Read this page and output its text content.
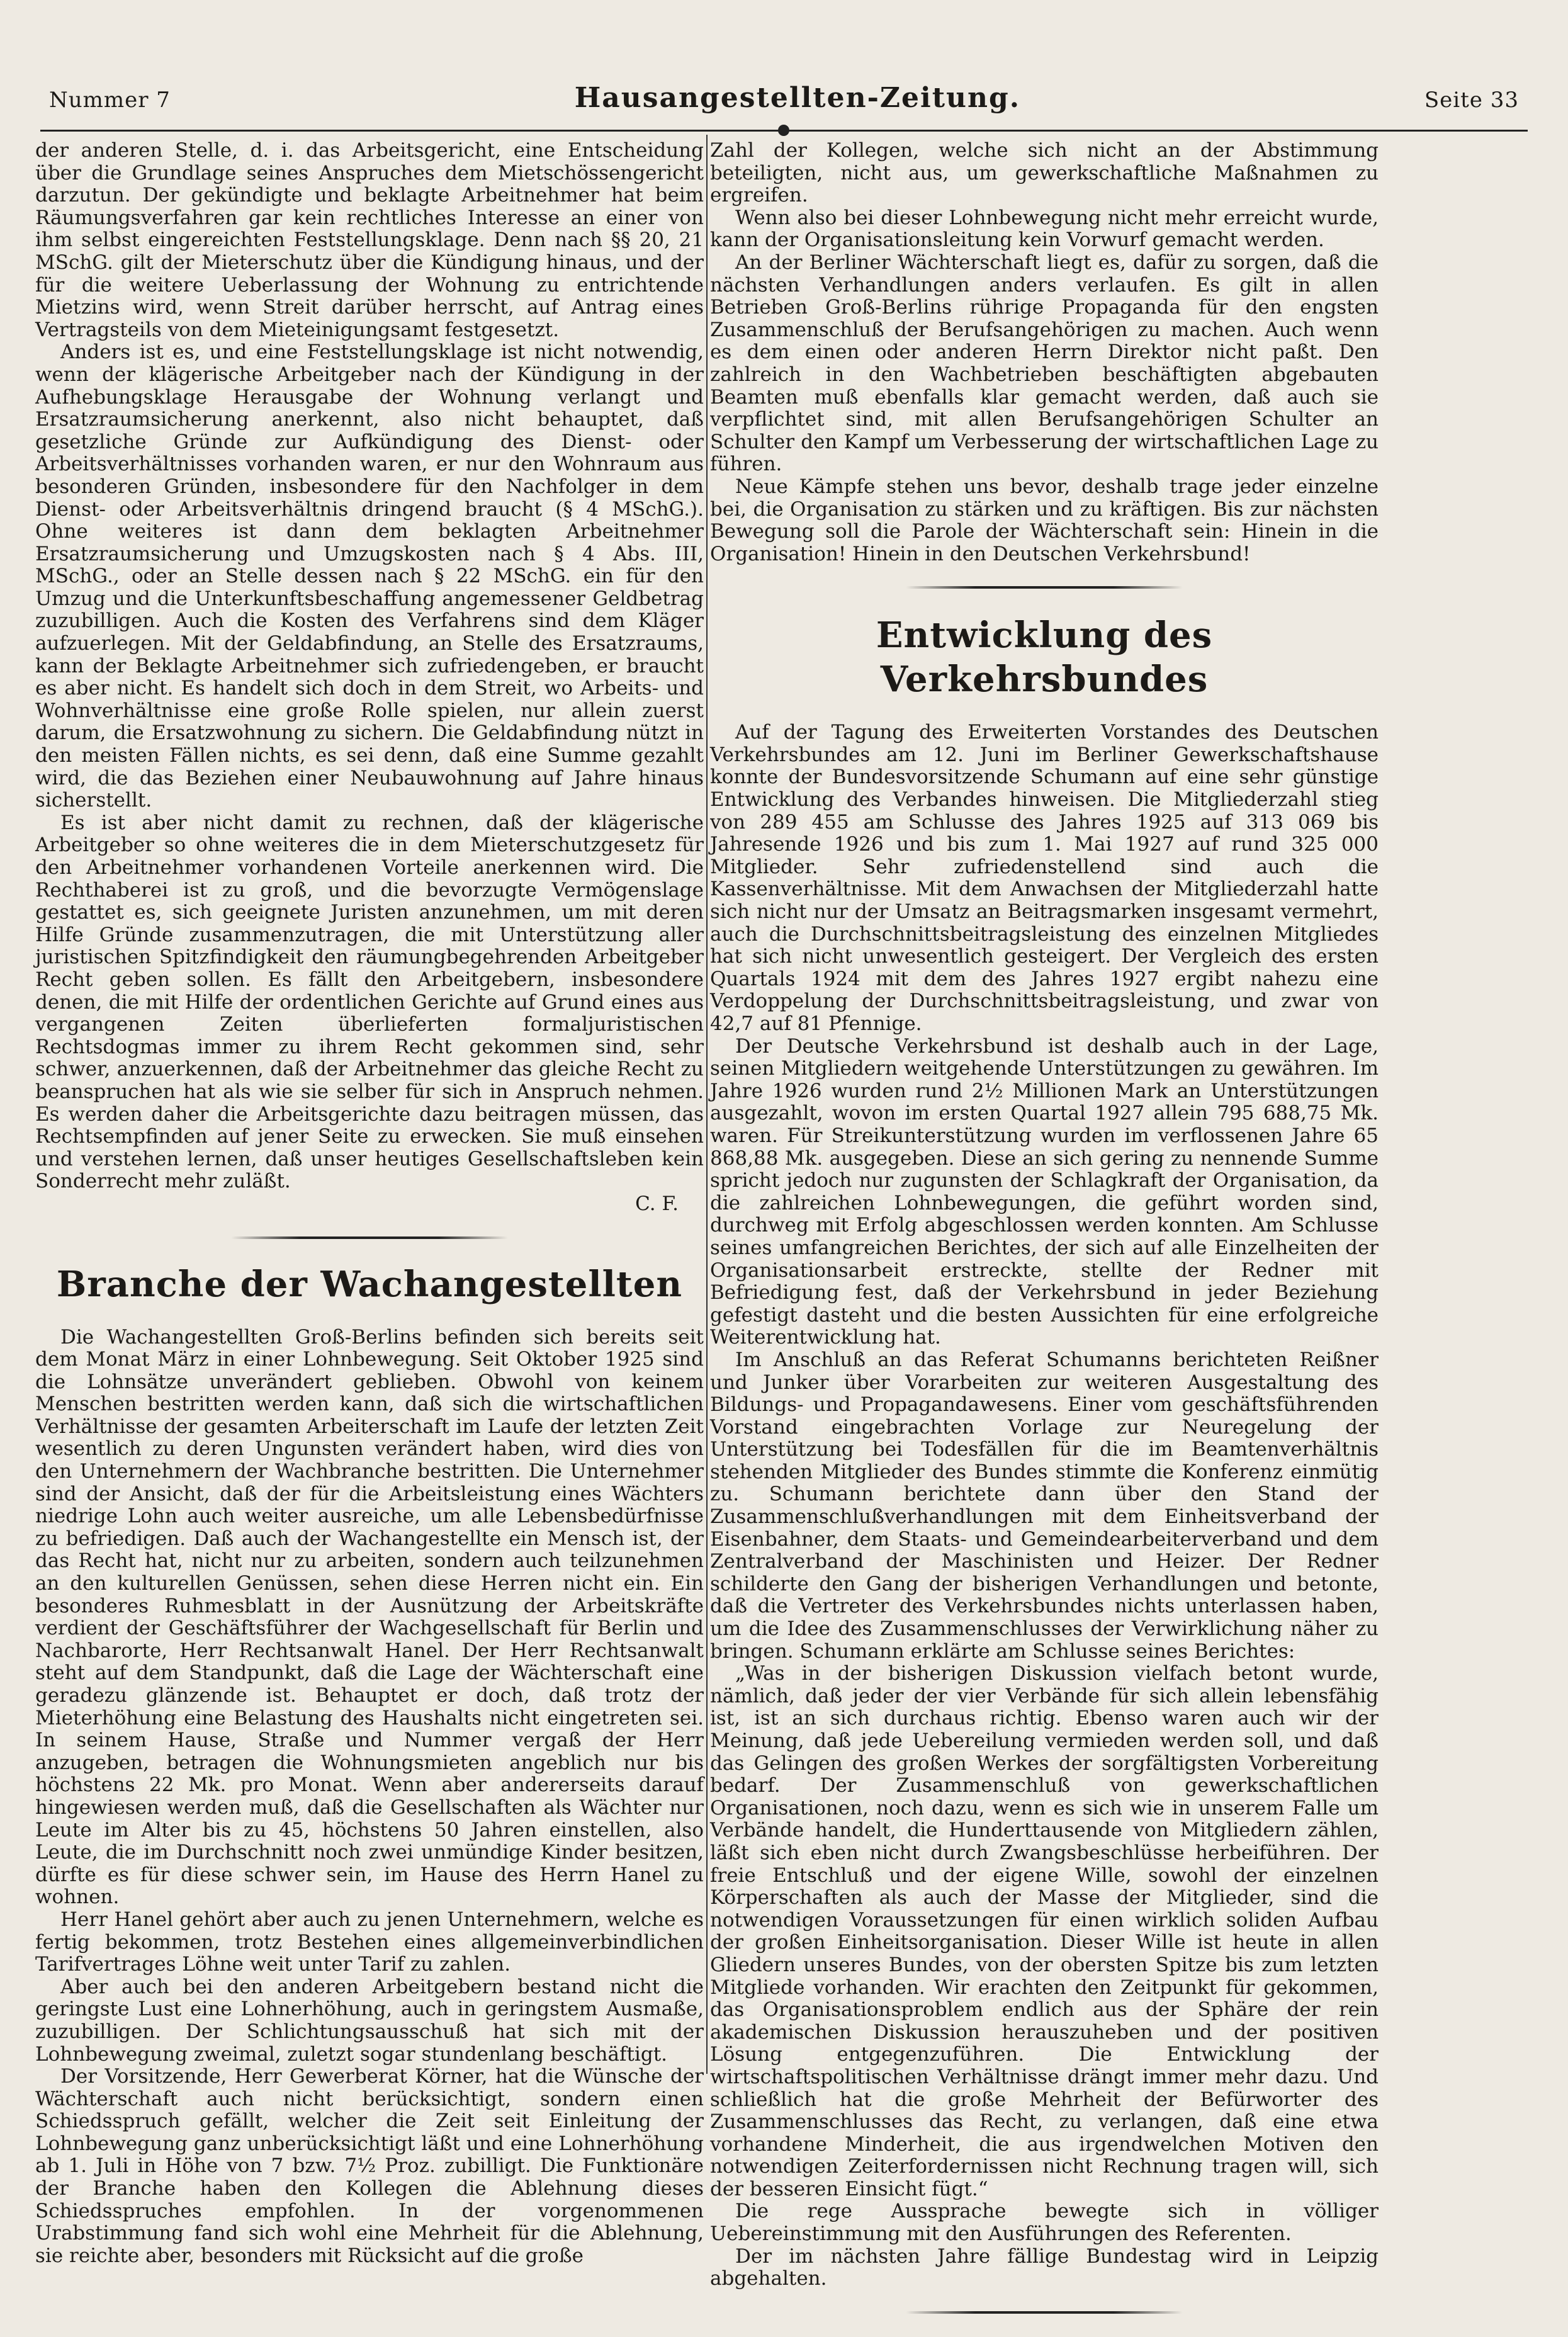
Nummer 7	Hausangestellten-Zeitung.	Seite 33

der anderen Stelle, d. i. das Arbeitsgericht, eine Entscheidung über die Grundlage seines Anspruches dem Mietschössengericht darzutun. Der gekündigte und beklagte Arbeitnehmer hat beim Räumungsverfahren gar kein rechtliches Interesse an einer von ihm selbst eingereichten Feststellungsklage. Denn nach §§ 20, 21 MSchG. gilt der Mieterschutz über die Kündigung hinaus, und der für die weitere Ueberlassung der Wohnung zu entrichtende Mietzins wird, wenn Streit darüber herrscht, auf Antrag eines Vertragsteils von dem Mieteinigungsamt festgesetzt.

Anders ist es, und eine Feststellungsklage ist nicht notwendig, wenn der klägerische Arbeitgeber nach der Kündigung in der Aufhebungsklage Herausgabe der Wohnung verlangt und Ersatzraumsicherung anerkennt, also nicht behauptet, daß gesetzliche Gründe zur Aufkündigung des Dienst- oder Arbeitsverhältnisses vorhanden waren, er nur den Wohnraum aus besonderen Gründen, insbesondere für den Nachfolger in dem Dienst- oder Arbeitsverhältnis dringend braucht (§ 4 MSchG.). Ohne weiteres ist dann dem beklagten Arbeitnehmer Ersatzraumsicherung und Umzugskosten nach § 4 Abs. III, MSchG., oder an Stelle dessen nach § 22 MSchG. ein für den Umzug und die Unterkunftsbeschaffung angemessener Geldbetrag zuzubilligen. Auch die Kosten des Verfahrens sind dem Kläger aufzuerlegen. Mit der Geldabfindung, an Stelle des Ersatzraums, kann der Beklagte Arbeitnehmer sich zufriedengeben, er braucht es aber nicht. Es handelt sich doch in dem Streit, wo Arbeits- und Wohnverhältnisse eine große Rolle spielen, nur allein zuerst darum, die Ersatzwohnung zu sichern. Die Geldabfindung nützt in den meisten Fällen nichts, es sei denn, daß eine Summe gezahlt wird, die das Beziehen einer Neubauwohnung auf Jahre hinaus sicherstellt.

Es ist aber nicht damit zu rechnen, daß der klägerische Arbeitgeber so ohne weiteres die in dem Mieterschutzgesetz für den Arbeitnehmer vorhandenen Vorteile anerkennen wird. Die Rechthaberei ist zu groß, und die bevorzugte Vermögenslage gestattet es, sich geeignete Juristen anzunehmen, um mit deren Hilfe Gründe zusammenzutragen, die mit Unterstützung aller juristischen Spitzfindigkeit den räumungbegehrenden Arbeitgeber Recht geben sollen. Es fällt den Arbeitgebern, insbesondere denen, die mit Hilfe der ordentlichen Gerichte auf Grund eines aus vergangenen Zeiten überlieferten formaljuristischen Rechtsdogmas immer zu ihrem Recht gekommen sind, sehr schwer, anzuerkennen, daß der Arbeitnehmer das gleiche Recht zu beanspruchen hat als wie sie selber für sich in Anspruch nehmen. Es werden daher die Arbeitsgerichte dazu beitragen müssen, das Rechtsempfinden auf jener Seite zu erwecken. Sie muß einsehen und verstehen lernen, daß unser heutiges Gesellschaftsleben kein Sonderrecht mehr zuläßt.

C. F.
Branche der Wachangestellten

Die Wachangestellten Groß-Berlins befinden sich bereits seit dem Monat März in einer Lohnbewegung. Seit Oktober 1925 sind die Lohnsätze unverändert geblieben. Obwohl von keinem Menschen bestritten werden kann, daß sich die wirtschaftlichen Verhältnisse der gesamten Arbeiterschaft im Laufe der letzten Zeit wesentlich zu deren Ungunsten verändert haben, wird dies von den Unternehmern der Wachbranche bestritten. Die Unternehmer sind der Ansicht, daß der für die Arbeitsleistung eines Wächters niedrige Lohn auch weiter ausreiche, um alle Lebensbedürfnisse zu befriedigen. Daß auch der Wachangestellte ein Mensch ist, der das Recht hat, nicht nur zu arbeiten, sondern auch teilzunehmen an den kulturellen Genüssen, sehen diese Herren nicht ein. Ein besonderes Ruhmesblatt in der Ausnützung der Arbeitskräfte verdient der Geschäftsführer der Wachgesellschaft für Berlin und Nachbarorte, Herr Rechtsanwalt Hanel. Der Herr Rechtsanwalt steht auf dem Standpunkt, daß die Lage der Wächterschaft eine geradezu glänzende ist. Behauptet er doch, daß trotz der Mieterhöhung eine Belastung des Haushalts nicht eingetreten sei. In seinem Hause, Straße und Nummer vergaß der Herr anzugeben, betragen die Wohnungsmieten angeblich nur bis höchstens 22 Mk. pro Monat. Wenn aber andererseits darauf hingewiesen werden muß, daß die Gesellschaften als Wächter nur Leute im Alter bis zu 45, höchstens 50 Jahren einstellen, also Leute, die im Durchschnitt noch zwei unmündige Kinder besitzen, dürfte es für diese schwer sein, im Hause des Herrn Hanel zu wohnen.

Herr Hanel gehört aber auch zu jenen Unternehmern, welche es fertig bekommen, trotz Bestehen eines allgemeinverbindlichen Tarifvertrages Löhne weit unter Tarif zu zahlen.

Aber auch bei den anderen Arbeitgebern bestand nicht die geringste Lust eine Lohnerhöhung, auch in geringstem Ausmaße, zuzubilligen. Der Schlichtungsausschuß hat sich mit der Lohnbewegung zweimal, zuletzt sogar stundenlang beschäftigt.

Der Vorsitzende, Herr Gewerberat Körner, hat die Wünsche der Wächterschaft auch nicht berücksichtigt, sondern einen Schiedsspruch gefällt, welcher die Zeit seit Einleitung der Lohnbewegung ganz unberücksichtigt läßt und eine Lohnerhöhung ab 1. Juli in Höhe von 7 bzw. 7½ Proz. zubilligt. Die Funktionäre der Branche haben den Kollegen die Ablehnung dieses Schiedsspruches empfohlen. In der vorgenommenen Urabstimmung fand sich wohl eine Mehrheit für die Ablehnung, sie reichte aber, besonders mit Rücksicht auf die große

Zahl der Kollegen, welche sich nicht an der Abstimmung beteiligten, nicht aus, um gewerkschaftliche Maßnahmen zu ergreifen.

Wenn also bei dieser Lohnbewegung nicht mehr erreicht wurde, kann der Organisationsleitung kein Vorwurf gemacht werden.

An der Berliner Wächterschaft liegt es, dafür zu sorgen, daß die nächsten Verhandlungen anders verlaufen. Es gilt in allen Betrieben Groß-Berlins rührige Propaganda für den engsten Zusammenschluß der Berufsangehörigen zu machen. Auch wenn es dem einen oder anderen Herrn Direktor nicht paßt. Den zahlreich in den Wachbetrieben beschäftigten abgebauten Beamten muß ebenfalls klar gemacht werden, daß auch sie verpflichtet sind, mit allen Berufsangehörigen Schulter an Schulter den Kampf um Verbesserung der wirtschaftlichen Lage zu führen.

Neue Kämpfe stehen uns bevor, deshalb trage jeder einzelne bei, die Organisation zu stärken und zu kräftigen. Bis zur nächsten Bewegung soll die Parole der Wächterschaft sein: Hinein in die Organisation! Hinein in den Deutschen Verkehrsbund!

Entwicklung des Verkehrsbundes

Auf der Tagung des Erweiterten Vorstandes des Deutschen Verkehrsbundes am 12. Juni im Berliner Gewerkschaftshause konnte der Bundesvorsitzende Schumann auf eine sehr günstige Entwicklung des Verbandes hinweisen. Die Mitgliederzahl stieg von 289 455 am Schlusse des Jahres 1925 auf 313 069 bis Jahresende 1926 und bis zum 1. Mai 1927 auf rund 325 000 Mitglieder. Sehr zufriedenstellend sind auch die Kassenverhältnisse. Mit dem Anwachsen der Mitgliederzahl hatte sich nicht nur der Umsatz an Beitragsmarken insgesamt vermehrt, auch die Durchschnittsbeitragsleistung des einzelnen Mitgliedes hat sich nicht unwesentlich gesteigert. Der Vergleich des ersten Quartals 1924 mit dem des Jahres 1927 ergibt nahezu eine Verdoppelung der Durchschnittsbeitragsleistung, und zwar von 42,7 auf 81 Pfennige.

Der Deutsche Verkehrsbund ist deshalb auch in der Lage, seinen Mitgliedern weitgehende Unterstützungen zu gewähren. Im Jahre 1926 wurden rund 2½ Millionen Mark an Unterstützungen ausgezahlt, wovon im ersten Quartal 1927 allein 795 688,75 Mk. waren. Für Streikunterstützung wurden im verflossenen Jahre 65 868,88 Mk. ausgegeben. Diese an sich gering zu nennende Summe spricht jedoch nur zugunsten der Schlagkraft der Organisation, da die zahlreichen Lohnbewegungen, die geführt worden sind, durchweg mit Erfolg abgeschlossen werden konnten. Am Schlusse seines umfangreichen Berichtes, der sich auf alle Einzelheiten der Organisationsarbeit erstreckte, stellte der Redner mit Befriedigung fest, daß der Verkehrsbund in jeder Beziehung gefestigt dasteht und die besten Aussichten für eine erfolgreiche Weiterentwicklung hat.

Im Anschluß an das Referat Schumanns berichteten Reißner und Junker über Vorarbeiten zur weiteren Ausgestaltung des Bildungs- und Propagandawesens. Einer vom geschäftsführenden Vorstand eingebrachten Vorlage zur Neuregelung der Unterstützung bei Todesfällen für die im Beamtenverhältnis stehenden Mitglieder des Bundes stimmte die Konferenz einmütig zu. Schumann berichtete dann über den Stand der Zusammenschlußverhandlungen mit dem Einheitsverband der Eisenbahner, dem Staats- und Gemeindearbeiterverband und dem Zentralverband der Maschinisten und Heizer. Der Redner schilderte den Gang der bisherigen Verhandlungen und betonte, daß die Vertreter des Verkehrsbundes nichts unterlassen haben, um die Idee des Zusammenschlusses der Verwirklichung näher zu bringen. Schumann erklärte am Schlusse seines Berichtes:

„Was in der bisherigen Diskussion vielfach betont wurde, nämlich, daß jeder der vier Verbände für sich allein lebensfähig ist, ist an sich durchaus richtig. Ebenso waren auch wir der Meinung, daß jede Uebereilung vermieden werden soll, und daß das Gelingen des großen Werkes der sorgfältigsten Vorbereitung bedarf. Der Zusammenschluß von gewerkschaftlichen Organisationen, noch dazu, wenn es sich wie in unserem Falle um Verbände handelt, die Hunderttausende von Mitgliedern zählen, läßt sich eben nicht durch Zwangsbeschlüsse herbeiführen. Der freie Entschluß und der eigene Wille, sowohl der einzelnen Körperschaften als auch der Masse der Mitglieder, sind die notwendigen Voraussetzungen für einen wirklich soliden Aufbau der großen Einheitsorganisation. Dieser Wille ist heute in allen Gliedern unseres Bundes, von der obersten Spitze bis zum letzten Mitgliede vorhanden. Wir erachten den Zeitpunkt für gekommen, das Organisationsproblem endlich aus der Sphäre der rein akademischen Diskussion herauszuheben und der positiven Lösung entgegenzuführen. Die Entwicklung der wirtschaftspolitischen Verhältnisse drängt immer mehr dazu. Und schließlich hat die große Mehrheit der Befürworter des Zusammenschlusses das Recht, zu verlangen, daß eine etwa vorhandene Minderheit, die aus irgendwelchen Motiven den notwendigen Zeiterfordernissen nicht Rechnung tragen will, sich der besseren Einsicht fügt.“

Die rege Aussprache bewegte sich in völliger Uebereinstimmung mit den Ausführungen des Referenten.

Der im nächsten Jahre fällige Bundestag wird in Leipzig abgehalten.
